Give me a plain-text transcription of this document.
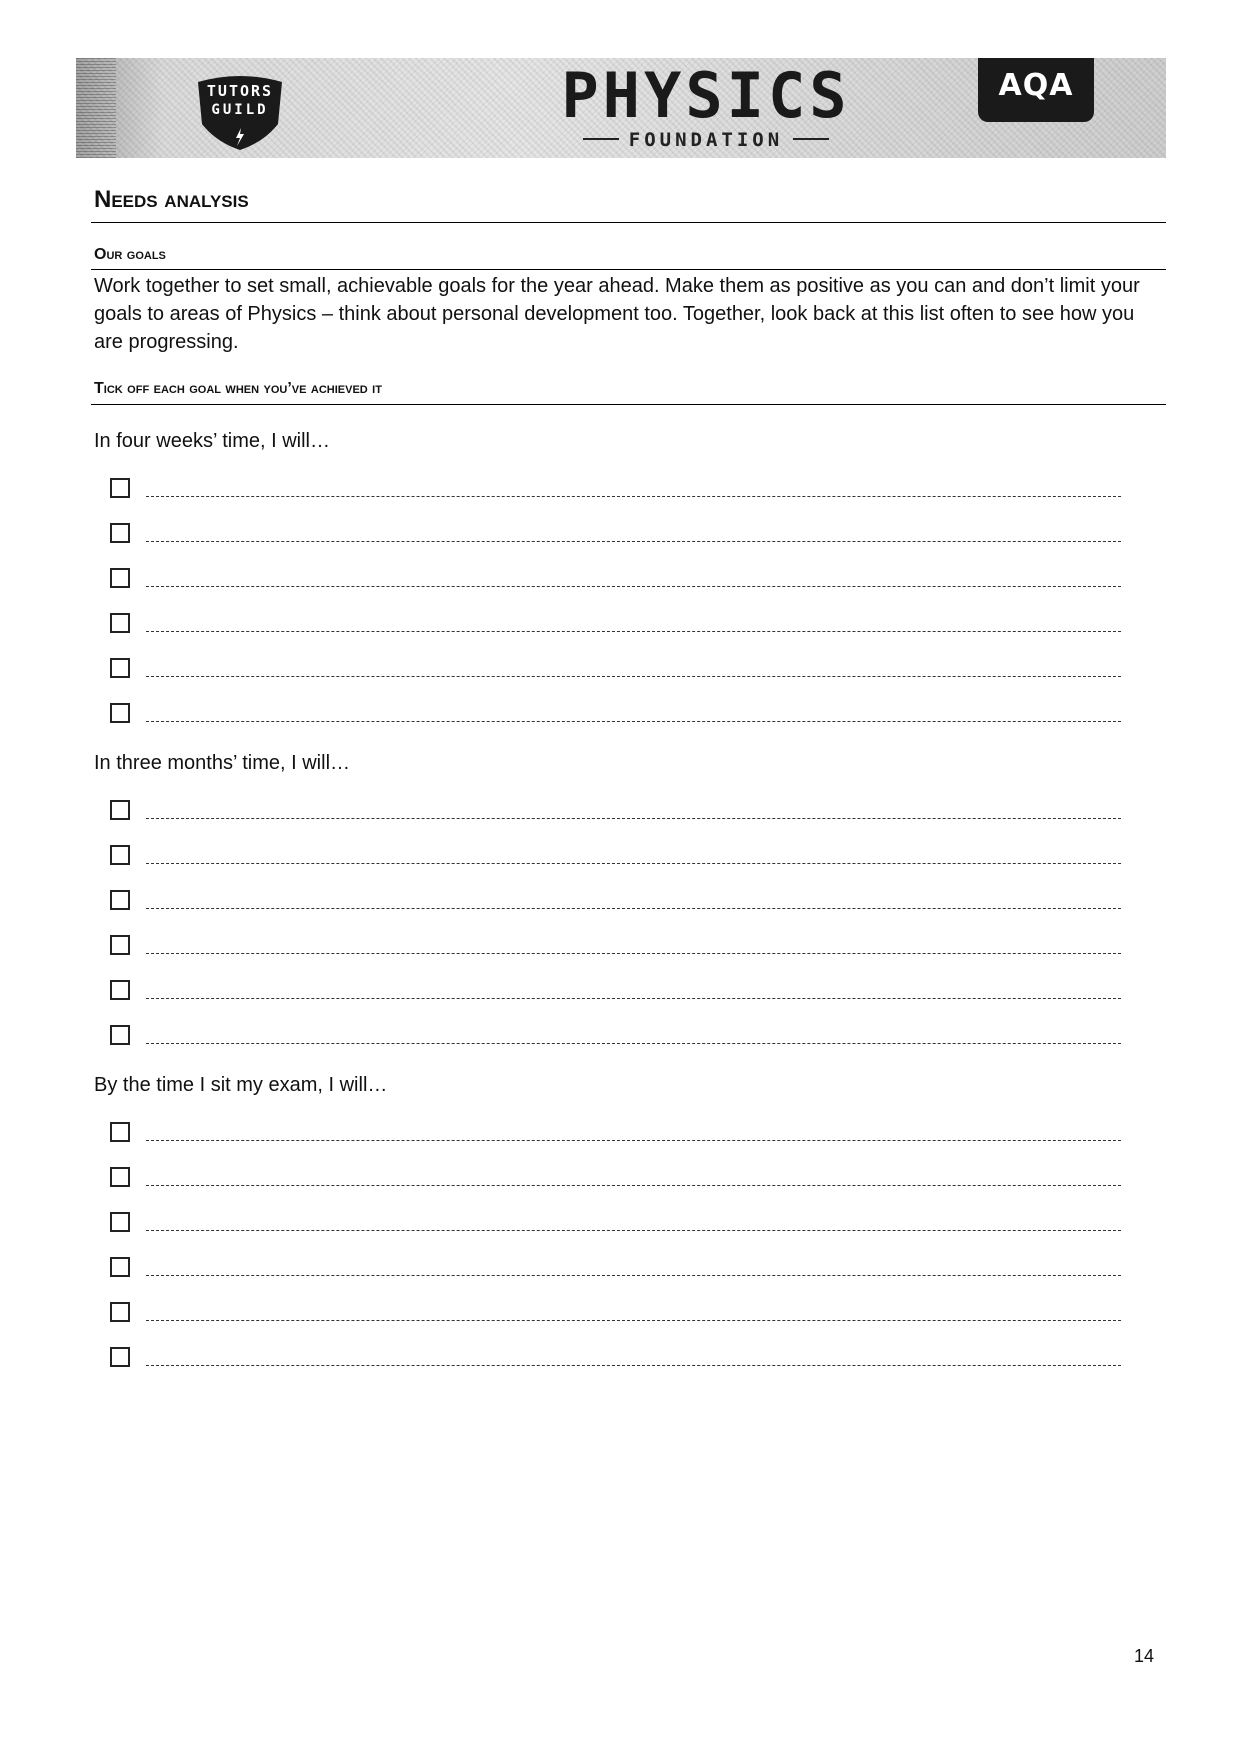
TUTORS
GUILD	PHYSICS
FOUNDATION
AQA
Needs analysis
Our goals
Work together to set small, achievable goals for the year ahead. Make them as positive as you can and don’t limit your goals to areas of Physics – think about personal development too. Together, look back at this list often to see how you are progressing.
Tick off each goal when you’ve achieved it
In four weeks’ time, I will…
In three months’ time, I will…
By the time I sit my exam, I will…
14
